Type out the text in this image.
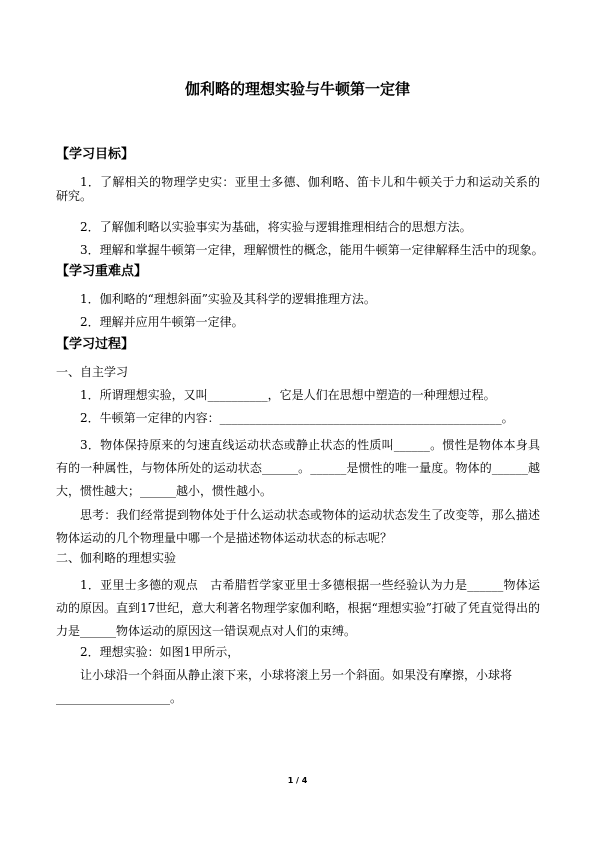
伽利略的理想实验与牛顿第一定律
【学习目标】
1．了解相关的物理学史实：亚里士多德、伽利略、笛卡儿和牛顿关于力和运动关系的研究。
2．了解伽利略以实验事实为基础，将实验与逻辑推理相结合的思想方法。
3．理解和掌握牛顿第一定律，理解惯性的概念，能用牛顿第一定律解释生活中的现象。
【学习重难点】
1．伽利略的“理想斜面”实验及其科学的逻辑推理方法。
2．理解并应用牛顿第一定律。
【学习过程】
一、自主学习
1．所谓理想实验，又叫__________，它是人们在思想中塑造的一种理想过程。
2．牛顿第一定律的内容：_______________________________________________。
3．物体保持原来的匀速直线运动状态或静止状态的性质叫______。惯性是物体本身具有的一种属性，与物体所处的运动状态______。______是惯性的唯一量度。物体的______越大，惯性越大；______越小，惯性越小。
思考：我们经常提到物体处于什么运动状态或物体的运动状态发生了改变等，那么描述物体运动的几个物理量中哪一个是描述物体运动状态的标志呢？
二、伽利略的理想实验
1．亚里士多德的观点　古希腊哲学家亚里士多德根据一些经验认为力是______物体运动的原因。直到17世纪，意大利著名物理学家伽利略，根据“理想实验”打破了凭直觉得出的力是______物体运动的原因这一错误观点对人们的束缚。
2．理想实验：如图1甲所示，
让小球沿一个斜面从静止滚下来，小球将滚上另一个斜面。如果没有摩擦，小球将
___________________。
1 / 4
